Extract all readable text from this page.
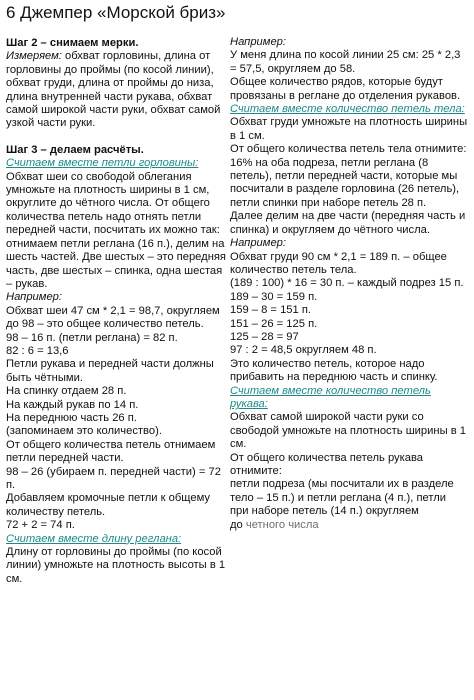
6 Джемпер «Морской бриз»

Шаг 2 – снимаем мерки.

Измеряем: обхват горловины, длина от горловины до проймы (по косой линии), обхват груди, длина от проймы до низа, длина внутренней части рукава, обхват самой широкой части руки, обхват самой узкой части руки.

Шаг 3 – делаем расчёты.

Считаем вместе петли горловины:

Обхват шеи со свободой облегания умножьте на плотность ширины в 1 см, округлите до чётного числа. От общего количества петель надо отнять петли передней части, посчитать их можно так: отнимаем петли реглана (16 п.), делим на шесть частей. Две шестых – это передняя часть, две шестых – спинка, одна шестая – рукав.

Например:

Обхват шеи 47 см * 2,1 = 98,7, округляем до 98 – это общее количество петель.

98 – 16 п. (петли реглана) = 82 п.

82 : 6 = 13,6

Петли рукава и передней части должны быть чётными.

На спинку отдаем 28 п.

На каждый рукав по 14 п.

На переднюю часть 26 п.

(запоминаем это количество).

От общего количества петель отнимаем петли передней части.

98 – 26 (убираем п. передней части) = 72 п.

Добавляем кромочные петли к общему количеству петель.

72 + 2 = 74 п.

Считаем вместе длину реглана:

Длину от горловины до проймы (по косой линии) умножьте на плотность высоты в 1 см.

Например:

У меня длина по косой линии 25 см: 25 * 2,3 = 57,5, округляем до 58.

Общее количество рядов, которые будут провязаны в реглане до отделения рукавов.

Считаем вместе количество петель тела:

Обхват груди умножьте на плотность ширины в 1 см.

От общего количества петель тела отнимите:

16% на оба подреза, петли реглана (8 петель), петли передней части, которые мы посчитали в разделе горловина (26 петель), петли спинки при наборе петель 28 п.

Далее делим на две части (передняя часть и спинка) и округляем до чётного числа.

Например:

Обхват груди 90 см * 2,1 = 189 п. – общее количество петель тела.

(189 : 100) * 16 = 30 п. – каждый подрез 15 п.

189 – 30 = 159 п.

159 – 8 = 151 п.

151 – 26 = 125 п.

125 – 28 = 97

97 : 2 = 48,5 округляем 48 п.

Это количество петель, которое надо прибавить на переднюю часть и спинку.

Считаем вместе количество петель рукава:

Обхват самой широкой части руки со свободой умножьте на плотность ширины в 1 см.

От общего количества петель рукава отнимите:

петли подреза (мы посчитали их в разделе тело – 15 п.) и петли реглана (4 п.), петли

при наборе петель (14 п.) округляем

до четного числа
